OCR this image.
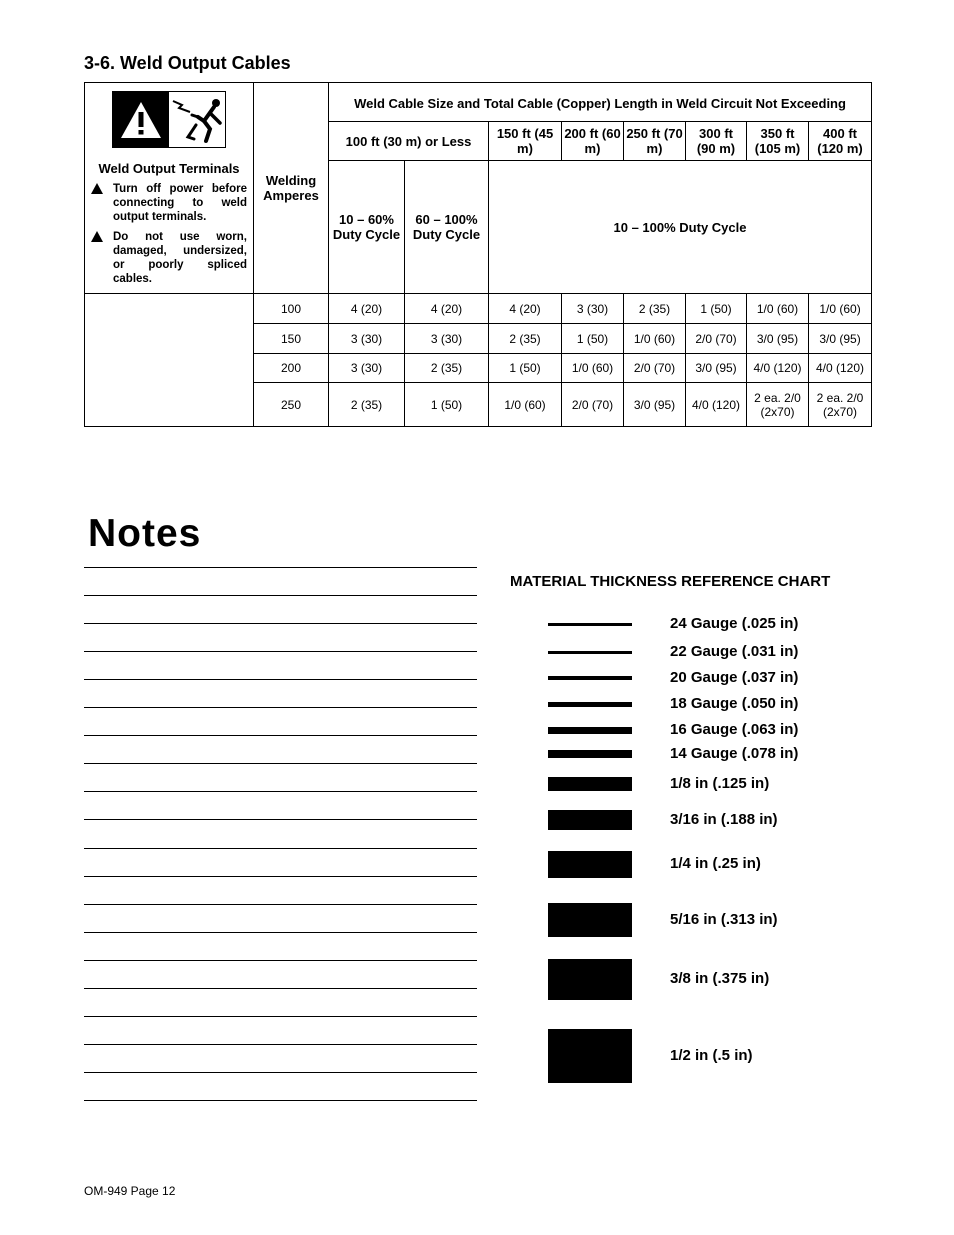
3-6. Weld Output Cables
Weld Output Terminals
Turn off power before connecting to weld output terminals.
Do not use worn, damaged, undersized, or poorly spliced cables.	Welding Amperes	Weld Cable Size and Total Cable (Copper) Length in Weld Circuit Not Exceeding							
		100 ft (30 m) or Less		150 ft (45 m)	200 ft (60 m)	250 ft (70 m)	300 ft (90 m)	350 ft (105 m)	400 ft (120 m)
		10 – 60% Duty Cycle	60 – 100% Duty Cycle	10 – 100% Duty Cycle					
	100	4 (20)	4 (20)	4 (20)	3 (30)	2 (35)	1 (50)	1/0 (60)	1/0 (60)
	150	3 (30)	3 (30)	2 (35)	1 (50)	1/0 (60)	2/0 (70)	3/0 (95)	3/0 (95)
	200	3 (30)	2 (35)	1 (50)	1/0 (60)	2/0 (70)	3/0 (95)	4/0 (120)	4/0 (120)
	250	2 (35)	1 (50)	1/0 (60)	2/0 (70)	3/0 (95)	4/0 (120)	2 ea. 2/0 (2x70)	2 ea. 2/0 (2x70)
Notes
MATERIAL THICKNESS REFERENCE CHART
24 Gauge (.025 in)
22 Gauge (.031 in)
20 Gauge (.037 in)
18 Gauge (.050 in)
16 Gauge (.063 in)
14 Gauge (.078 in)
1/8 in (.125 in)
3/16 in (.188 in)
1/4 in (.25 in)
5/16 in (.313 in)
3/8 in (.375 in)
1/2 in (.5 in)
OM-949 Page 12
